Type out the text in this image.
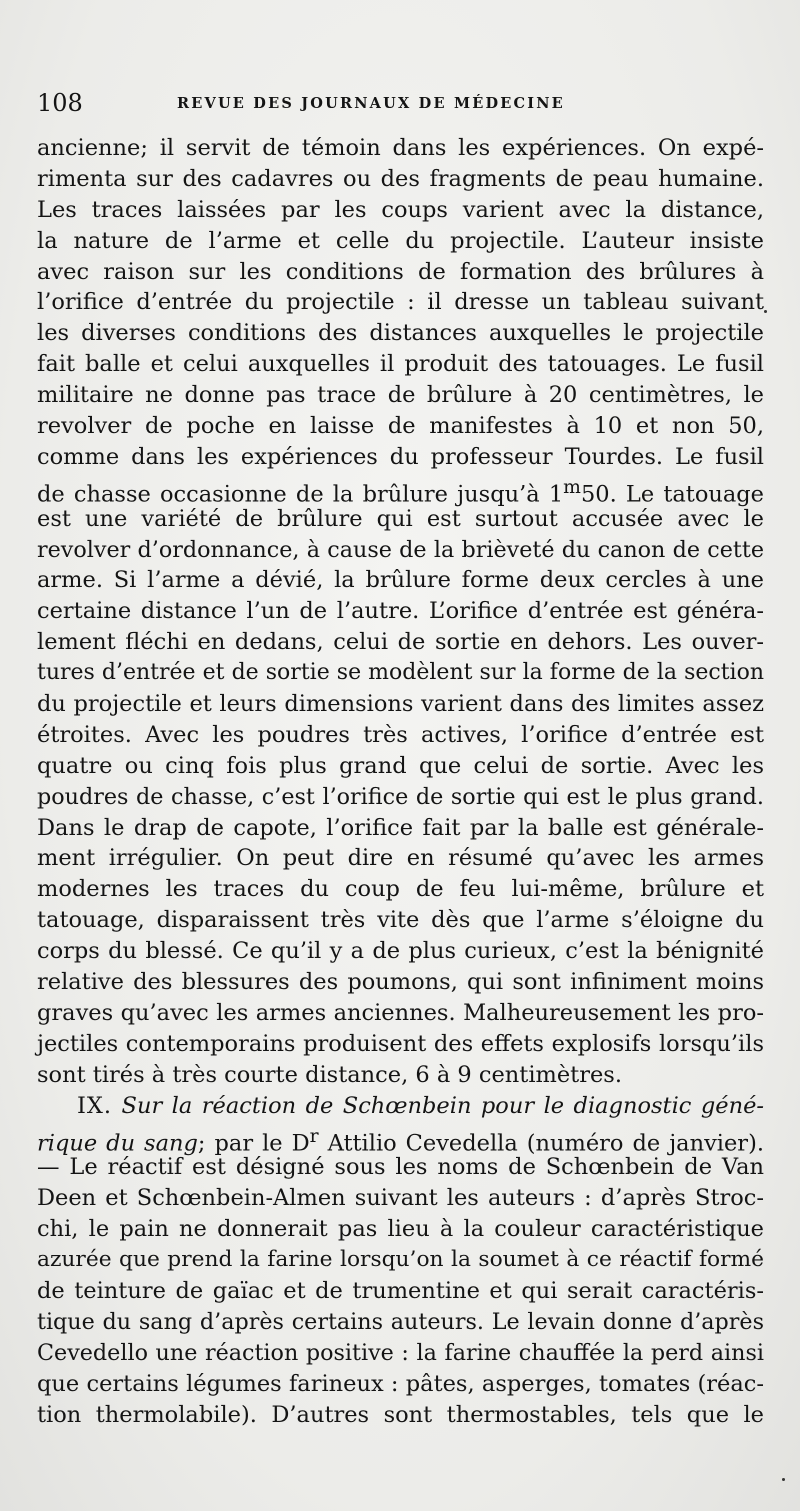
108	REVUE DES JOURNAUX DE MÉDECINE
ancienne; il servit de témoin dans les expériences. On expé-
rimenta sur des cadavres ou des fragments de peau humaine.
Les traces laissées par les coups varient avec la distance,
la nature de l’arme et celle du projectile. L’auteur insiste
avec raison sur les conditions de formation des brûlures à
l’orifice d’entrée du projectile : il dresse un tableau suivant
les diverses conditions des distances auxquelles le projectile
fait balle et celui auxquelles il produit des tatouages. Le fusil
militaire ne donne pas trace de brûlure à 20 centimètres, le
revolver de poche en laisse de manifestes à 10 et non 50,
comme dans les expériences du professeur Tourdes. Le fusil
de chasse occasionne de la brûlure jusqu’à 1$^m$50. Le tatouage
est une variété de brûlure qui est surtout accusée avec le
revolver d’ordonnance, à cause de la brièveté du canon de cette
arme. Si l’arme a dévié, la brûlure forme deux cercles à une
certaine distance l’un de l’autre. L’orifice d’entrée est généra-
lement fléchi en dedans, celui de sortie en dehors. Les ouver-
tures d’entrée et de sortie se modèlent sur la forme de la section
du projectile et leurs dimensions varient dans des limites assez
étroites. Avec les poudres très actives, l’orifice d’entrée est
quatre ou cinq fois plus grand que celui de sortie. Avec les
poudres de chasse, c’est l’orifice de sortie qui est le plus grand.
Dans le drap de capote, l’orifice fait par la balle est générale-
ment irrégulier. On peut dire en résumé qu’avec les armes
modernes les traces du coup de feu lui-même, brûlure et
tatouage, disparaissent très vite dès que l’arme s’éloigne du
corps du blessé. Ce qu’il y a de plus curieux, c’est la bénignité
relative des blessures des poumons, qui sont infiniment moins
graves qu’avec les armes anciennes. Malheureusement les pro-
jectiles contemporains produisent des effets explosifs lorsqu’ils
sont tirés à très courte distance, 6 à 9 centimètres.
IX. Sur la réaction de Schœnbein pour le diagnostic géné-
rique du sang; par le $D^r$ Attilio Cevedella (numéro de janvier).
— Le réactif est désigné sous les noms de Schœnbein de Van
Deen et Schœnbein-Almen suivant les auteurs : d’après Stroc-
chi, le pain ne donnerait pas lieu à la couleur caractéristique
azurée que prend la farine lorsqu’on la soumet à ce réactif formé
de teinture de gaïac et de trumentine et qui serait caractéris-
tique du sang d’après certains auteurs. Le levain donne d’après
Cevedello une réaction positive : la farine chauffée la perd ainsi
que certains légumes farineux : pâtes, asperges, tomates (réac-
tion thermolabile). D’autres sont thermostables, tels que le
